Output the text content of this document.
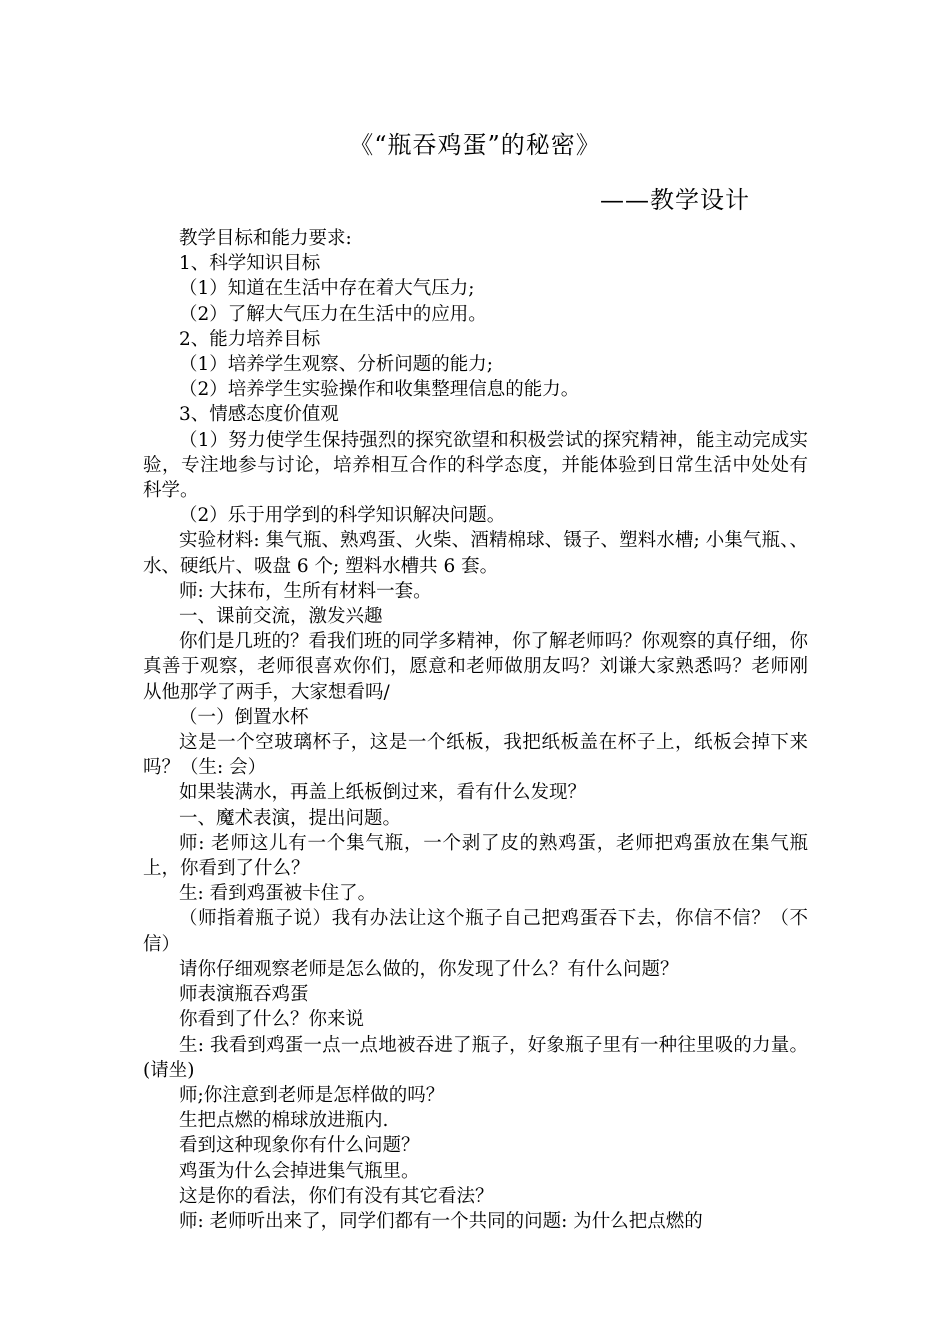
《“瓶吞鸡蛋”的秘密》
——教学设计

教学目标和能力要求:

1、科学知识目标

（1）知道在生活中存在着大气压力;

（2）了解大气压力在生活中的应用。

2、能力培养目标

（1）培养学生观察、分析问题的能力;

（2）培养学生实验操作和收集整理信息的能力。

3、情感态度价值观

（1）努力使学生保持强烈的探究欲望和积极尝试的探究精神，能主动完成实验，专注地参与讨论，培养相互合作的科学态度，并能体验到日常生活中处处有科学。

（2）乐于用学到的科学知识解决问题。

实验材料: 集气瓶、熟鸡蛋、火柴、酒精棉球、镊子、塑料水槽; 小集气瓶、、水、硬纸片、吸盘 6 个; 塑料水槽共 6 套。

师: 大抹布，生所有材料一套。

一、课前交流，激发兴趣

你们是几班的？看我们班的同学多精神，你了解老师吗？你观察的真仔细，你真善于观察，老师很喜欢你们，愿意和老师做朋友吗？刘谦大家熟悉吗？老师刚从他那学了两手，大家想看吗/

（一）倒置水杯

这是一个空玻璃杯子，这是一个纸板，我把纸板盖在杯子上，纸板会掉下来吗？（生: 会）

如果装满水，再盖上纸板倒过来，看有什么发现？

一、魔术表演，提出问题。

师: 老师这儿有一个集气瓶，一个剥了皮的熟鸡蛋，老师把鸡蛋放在集气瓶上，你看到了什么？

生: 看到鸡蛋被卡住了。

（师指着瓶子说）我有办法让这个瓶子自己把鸡蛋吞下去，你信不信？（不信）

请你仔细观察老师是怎么做的，你发现了什么？有什么问题？

师表演瓶吞鸡蛋

你看到了什么？你来说

生: 我看到鸡蛋一点一点地被吞进了瓶子，好象瓶子里有一种往里吸的力量。(请坐)

师;你注意到老师是怎样做的吗？

生把点燃的棉球放进瓶内.

看到这种现象你有什么问题？

鸡蛋为什么会掉进集气瓶里。

这是你的看法，你们有没有其它看法？

师: 老师听出来了，同学们都有一个共同的问题: 为什么把点燃的
